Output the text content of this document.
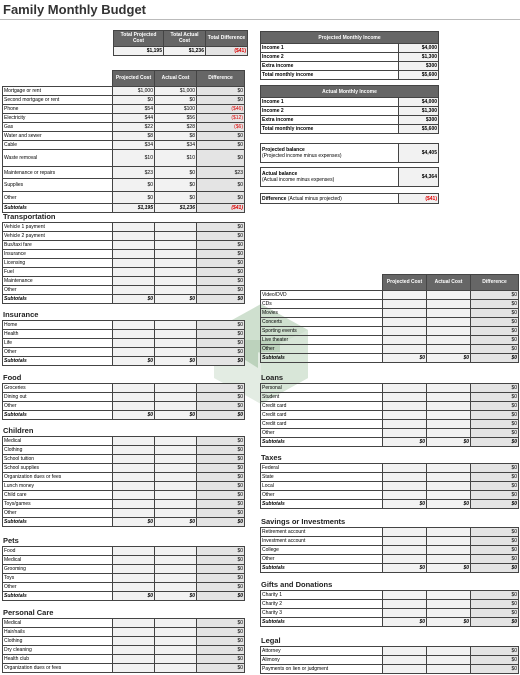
Family Monthly Budget
Total Projected Cost	Total Actual Cost	Total Difference
$1,195	$1,236	($41)
Projected Monthly Income	
Income 1	$4,000
Income 2	$1,300
Extra income	$300
Total monthly income	$5,600
Actual Monthly Income	
Income 1	$4,000
Income 2	$1,300
Extra income	$300
Total monthly income	$5,600
Projected balance
(Projected income minus expenses)	$4,405
Actual balance
(Actual income minus expenses)	$4,364
Difference (Actual minus projected)	($41)
	Projected Cost	Actual Cost	Difference
Mortgage or rent	$1,000	$1,000	$0
Second mortgage or rent	$0	$0	$0
Phone	$54	$100	($46)
Electricity	$44	$56	($12)
Gas	$22	$28	($6)
Water and sewer	$8	$8	$0
Cable	$34	$34	$0
Waste removal	$10	$10	$0
Maintenance or repairs	$23	$0	$23
Supplies	$0	$0	$0
Other	$0	$0	$0
Subtotals	$1,195	$1,236	($41)
Transportation
Vehicle 1 payment			$0
Vehicle 2 payment			$0
Bus/taxi fare			$0
Insurance			$0
Licensing			$0
Fuel			$0
Maintenance			$0
Other			$0
Subtotals	$0	$0	$0
Insurance
Home			$0
Health			$0
Life			$0
Other			$0
Subtotals	$0	$0	$0
Food
Groceries			$0
Dining out			$0
Other			$0
Subtotals	$0	$0	$0
Children
Medical			$0
Clothing			$0
School tuition			$0
School supplies			$0
Organization dues or fees			$0
Lunch money			$0
Child care			$0
Toys/games			$0
Other			$0
Subtotals	$0	$0	$0
Pets
Food			$0
Medical			$0
Grooming			$0
Toys			$0
Other			$0
Subtotals	$0	$0	$0
Personal Care
Medical			$0
Hair/nails			$0
Clothing			$0
Dry cleaning			$0
Health club			$0
Organization dues or fees			$0
	Projected Cost	Actual Cost	Difference
Video/DVD			$0
CDs			$0
Movies			$0
Concerts			$0
Sporting events			$0
Live theater			$0
Other			$0
Subtotals	$0	$0	$0
Loans
Personal			$0
Student			$0
Credit card			$0
Credit card			$0
Credit card			$0
Other			$0
Subtotals	$0	$0	$0
Taxes
Federal			$0
State			$0
Local			$0
Other			$0
Subtotals	$0	$0	$0
Savings or Investments
Retirement account			$0
Investment account			$0
College			$0
Other			$0
Subtotals	$0	$0	$0
Gifts and Donations
Charity 1			$0
Charity 2			$0
Charity 3			$0
Subtotals	$0	$0	$0
Legal
Attorney			$0
Alimony			$0
Payments on lien or judgment			$0
